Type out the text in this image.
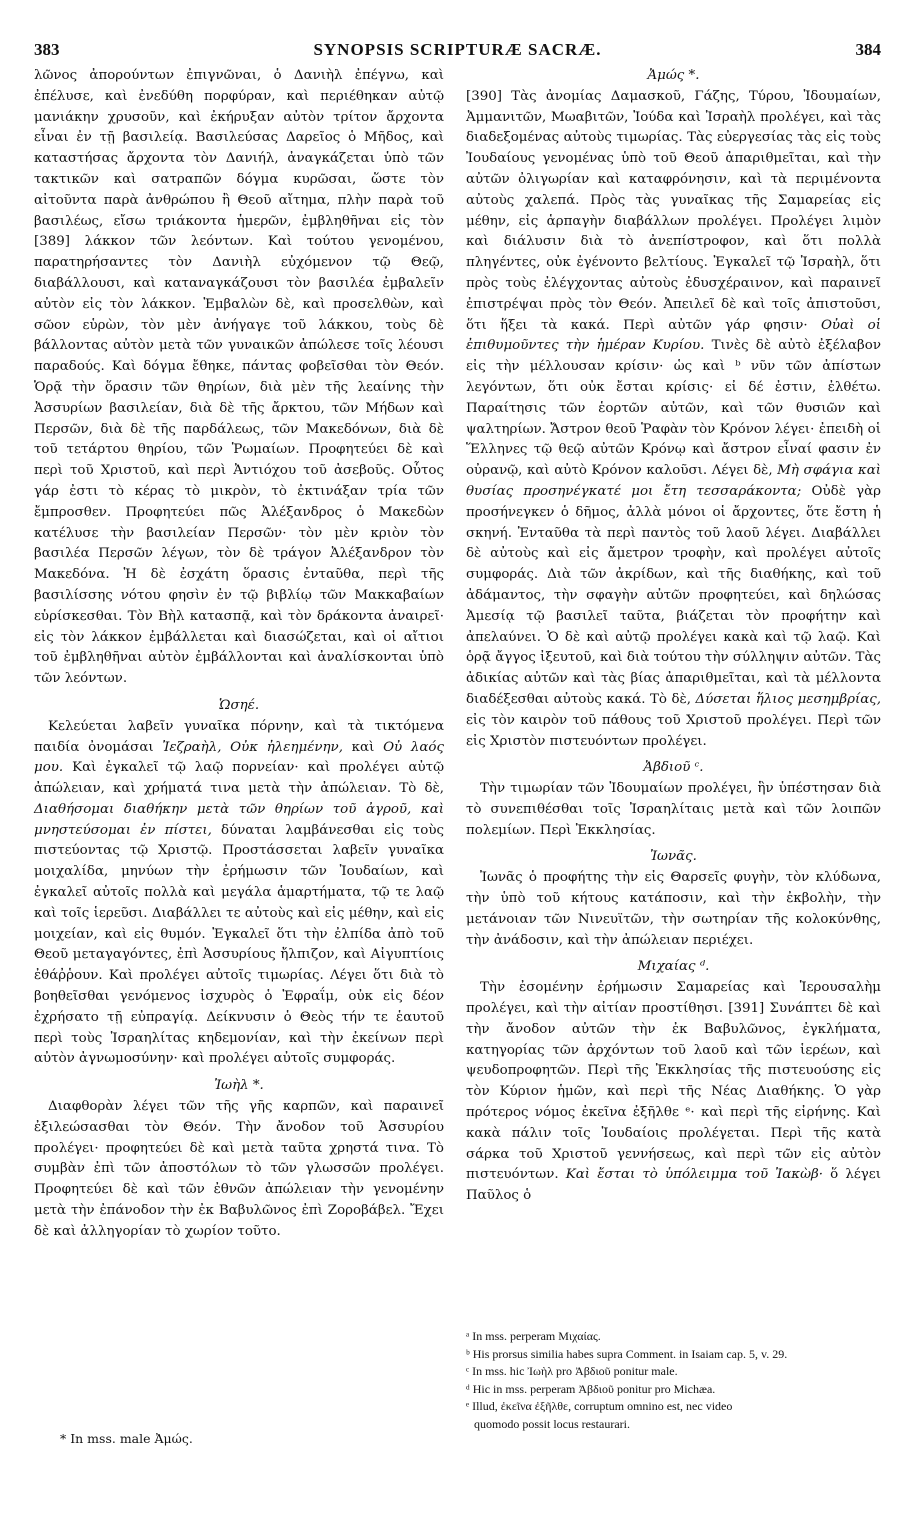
383	SYNOPSIS SCRIPTURÆ SACRÆ.	384

λῶνος ἀπορούντων ἐπιγνῶναι, ὁ Δανιὴλ ἐπέγνω, καὶ ἐπέλυσε, καὶ ἐνεδύθη πορφύραν, καὶ περιέθηκαν αὐτῷ μανιάκην χρυσοῦν, καὶ ἐκήρυξαν αὐτὸν τρίτον ἄρχοντα εἶναι ἐν τῇ βασιλείᾳ. Βασιλεύσας Δαρεῖος ὁ Μῆδος, καὶ καταστήσας ἄρχοντα τὸν Δανιήλ, ἀναγκάζεται ὑπὸ τῶν τακτικῶν καὶ σατραπῶν δόγμα κυρῶσαι, ὥστε τὸν αἰτοῦντα παρὰ ἀνθρώπου ἢ Θεοῦ αἴτημα, πλὴν παρὰ τοῦ βασιλέως, εἴσω τριάκοντα ἡμερῶν, ἐμβληθῆναι εἰς τὸν [389] λάκκον τῶν λεόντων. Καὶ τούτου γενομένου, παρατηρήσαντες τὸν Δανιὴλ εὐχόμενον τῷ Θεῷ, διαβάλλουσι, καὶ καταναγκάζουσι τὸν βασιλέα ἐμβαλεῖν αὐτὸν εἰς τὸν λάκκον. Ἐμβαλὼν δὲ, καὶ προσελθὼν, καὶ σῶον εὑρὼν, τὸν μὲν ἀνήγαγε τοῦ λάκκου, τοὺς δὲ βάλλοντας αὐτὸν μετὰ τῶν γυναικῶν ἀπώλεσε τοῖς λέουσι παραδούς. Καὶ δόγμα ἔθηκε, πάντας φοβεῖσθαι τὸν Θεόν. Ὁρᾷ τὴν ὅρασιν τῶν θηρίων, διὰ μὲν τῆς λεαίνης τὴν Ἀσσυρίων βασιλείαν, διὰ δὲ τῆς ἄρκτου, τῶν Μήδων καὶ Περσῶν, διὰ δὲ τῆς παρδάλεως, τῶν Μακεδόνων, διὰ δὲ τοῦ τετάρτου θηρίου, τῶν Ῥωμαίων. Προφητεύει δὲ καὶ περὶ τοῦ Χριστοῦ, καὶ περὶ Ἀντιόχου τοῦ ἀσεβοῦς. Οὗτος γάρ ἐστι τὸ κέρας τὸ μικρὸν, τὸ ἐκτινάξαν τρία τῶν ἔμπροσθεν. Προφητεύει πῶς Ἀλέξανδρος ὁ Μακεδὼν κατέλυσε τὴν βασιλείαν Περσῶν· τὸν μὲν κριὸν τὸν βασιλέα Περσῶν λέγων, τὸν δὲ τράγον Ἀλέξανδρον τὸν Μακεδόνα. Ἡ δὲ ἐσχάτη ὅρασις ἐνταῦθα, περὶ τῆς βασιλίσσης νότου φησὶν ἐν τῷ βιβλίῳ τῶν Μακκαβαίων εὑρίσκεσθαι. Τὸν Βὴλ κατασπᾷ, καὶ τὸν δράκοντα ἀναιρεῖ· εἰς τὸν λάκκον ἐμβάλλεται καὶ διασώζεται, καὶ οἱ αἴτιοι τοῦ ἐμβληθῆναι αὐτὸν ἐμβάλλονται καὶ ἀναλίσκονται ὑπὸ τῶν λεόντων.

Ὡσηέ.

Κελεύεται λαβεῖν γυναῖκα πόρνην, καὶ τὰ τικτόμενα παιδία ὀνομάσαι Ἰεζραὴλ, Οὐκ ἠλεημένην, καὶ Οὐ λαός μου. Καὶ ἐγκαλεῖ τῷ λαῷ πορνείαν· καὶ προλέγει αὐτῷ ἀπώλειαν, καὶ χρήματά τινα μετὰ τὴν ἀπώλειαν. Τὸ δὲ, Διαθήσομαι διαθήκην μετὰ τῶν θηρίων τοῦ ἀγροῦ, καὶ μνηστεύσομαι ἐν πίστει, δύναται λαμβάνεσθαι εἰς τοὺς πιστεύοντας τῷ Χριστῷ. Προστάσσεται λαβεῖν γυναῖκα μοιχαλίδα, μηνύων τὴν ἐρήμωσιν τῶν Ἰουδαίων, καὶ ἐγκαλεῖ αὐτοῖς πολλὰ καὶ μεγάλα ἁμαρτήματα, τῷ τε λαῷ καὶ τοῖς ἱερεῦσι. Διαβάλλει τε αὐτοὺς καὶ εἰς μέθην, καὶ εἰς μοιχείαν, καὶ εἰς θυμόν. Ἐγκαλεῖ ὅτι τὴν ἐλπίδα ἀπὸ τοῦ Θεοῦ μεταγαγόντες, ἐπὶ Ἀσσυρίους ἤλπιζον, καὶ Αἰγυπτίοις ἐθάῤῥουν. Καὶ προλέγει αὐτοῖς τιμωρίας. Λέγει ὅτι διὰ τὸ βοηθεῖσθαι γενόμενος ἰσχυρὸς ὁ Ἐφραΐμ, οὐκ εἰς δέον ἐχρήσατο τῇ εὐπραγίᾳ. Δείκνυσιν ὁ Θεὸς τήν τε ἑαυτοῦ περὶ τοὺς Ἰσραηλίτας κηδεμονίαν, καὶ τὴν ἐκείνων περὶ αὐτὸν ἀγνωμοσύνην· καὶ προλέγει αὐτοῖς συμφοράς.

Ἰωὴλ *.

Διαφθορὰν λέγει τῶν τῆς γῆς καρπῶν, καὶ παραινεῖ ἐξιλεώσασθαι τὸν Θεόν. Τὴν ἄνοδον τοῦ Ἀσσυρίου προλέγει· προφητεύει δὲ καὶ μετὰ ταῦτα χρηστά τινα. Τὸ συμβὰν ἐπὶ τῶν ἀποστόλων τὸ τῶν γλωσσῶν προλέγει. Προφητεύει δὲ καὶ τῶν ἐθνῶν ἀπώλειαν τὴν γενομένην μετὰ τὴν ἐπάνοδον τὴν ἐκ Βαβυλῶνος ἐπὶ Ζοροβάβελ. Ἔχει δὲ καὶ ἀλληγορίαν τὸ χωρίον τοῦτο.

* In mss. male Ἀμώς.
Ἀμώς *.

[390] Τὰς ἀνομίας Δαμασκοῦ, Γάζης, Τύρου, Ἰδουμαίων, Ἀμμανιτῶν, Μωαβιτῶν, Ἰούδα καὶ Ἰσραὴλ προλέγει, καὶ τὰς διαδεξομένας αὐτοὺς τιμωρίας. Τὰς εὐεργεσίας τὰς εἰς τοὺς Ἰουδαίους γενομένας ὑπὸ τοῦ Θεοῦ ἀπαριθμεῖται, καὶ τὴν αὐτῶν ὀλιγωρίαν καὶ καταφρόνησιν, καὶ τὰ περιμένοντα αὐτοὺς χαλεπά. Πρὸς τὰς γυναῖκας τῆς Σαμαρείας εἰς μέθην, εἰς ἁρπαγὴν διαβάλλων προλέγει. Προλέγει λιμὸν καὶ διάλυσιν διὰ τὸ ἀνεπίστροφον, καὶ ὅτι πολλὰ πληγέντες, οὐκ ἐγένοντο βελτίους. Ἐγκαλεῖ τῷ Ἰσραὴλ, ὅτι πρὸς τοὺς ἐλέγχοντας αὐτοὺς ἐδυσχέραινον, καὶ παραινεῖ ἐπιστρέψαι πρὸς τὸν Θεόν. Ἀπειλεῖ δὲ καὶ τοῖς ἀπιστοῦσι, ὅτι ἥξει τὰ κακά. Περὶ αὐτῶν γάρ φησιν· Οὐαὶ οἱ ἐπιθυμοῦντες τὴν ἡμέραν Κυρίου. Τινὲς δὲ αὐτὸ ἐξέλαβον εἰς τὴν μέλλουσαν κρίσιν· ὡς καὶ ᵇ νῦν τῶν ἀπίστων λεγόντων, ὅτι οὐκ ἔσται κρίσις· εἰ δέ ἐστιν, ἐλθέτω. Παραίτησις τῶν ἑορτῶν αὐτῶν, καὶ τῶν θυσιῶν καὶ ψαλτηρίων. Ἄστρον θεοῦ Ῥαφὰν τὸν Κρόνον λέγει· ἐπειδὴ οἱ Ἕλληνες τῷ θεῷ αὐτῶν Κρόνῳ καὶ ἄστρον εἶναί φασιν ἐν οὐρανῷ, καὶ αὐτὸ Κρόνον καλοῦσι. Λέγει δὲ, Μὴ σφάγια καὶ θυσίας προσηνέγκατέ μοι ἔτη τεσσαράκοντα; Οὐδὲ γὰρ προσήνεγκεν ὁ δῆμος, ἀλλὰ μόνοι οἱ ἄρχοντες, ὅτε ἔστη ἡ σκηνή. Ἐνταῦθα τὰ περὶ παντὸς τοῦ λαοῦ λέγει. Διαβάλλει δὲ αὐτοὺς καὶ εἰς ἄμετρον τροφὴν, καὶ προλέγει αὐτοῖς συμφοράς. Διὰ τῶν ἀκρίδων, καὶ τῆς διαθήκης, καὶ τοῦ ἀδάμαντος, τὴν σφαγὴν αὐτῶν προφητεύει, καὶ δηλώσας Ἀμεσίᾳ τῷ βασιλεῖ ταῦτα, βιάζεται τὸν προφήτην καὶ ἀπελαύνει. Ὁ δὲ καὶ αὐτῷ προλέγει κακὰ καὶ τῷ λαῷ. Καὶ ὁρᾷ ἄγγος ἰξευτοῦ, καὶ διὰ τούτου τὴν σύλληψιν αὐτῶν. Τὰς ἀδικίας αὐτῶν καὶ τὰς βίας ἀπαριθμεῖται, καὶ τὰ μέλλοντα διαδέξεσθαι αὐτοὺς κακά. Τὸ δὲ, Δύσεται ἥλιος μεσημβρίας, εἰς τὸν καιρὸν τοῦ πάθους τοῦ Χριστοῦ προλέγει. Περὶ τῶν εἰς Χριστὸν πιστευόντων προλέγει.

Ἀβδιοῦ ᶜ.

Τὴν τιμωρίαν τῶν Ἰδουμαίων προλέγει, ἣν ὑπέστησαν διὰ τὸ συνεπιθέσθαι τοῖς Ἰσραηλίταις μετὰ καὶ τῶν λοιπῶν πολεμίων. Περὶ Ἐκκλησίας.

Ἰωνᾶς.

Ἰωνᾶς ὁ προφήτης τὴν εἰς Θαρσεῖς φυγὴν, τὸν κλύδωνα, τὴν ὑπὸ τοῦ κήτους κατάποσιν, καὶ τὴν ἐκβολὴν, τὴν μετάνοιαν τῶν Νινευϊτῶν, τὴν σωτηρίαν τῆς κολοκύνθης, τὴν ἀνάδοσιν, καὶ τὴν ἀπώλειαν περιέχει.

Μιχαίας ᵈ.

Τὴν ἐσομένην ἐρήμωσιν Σαμαρείας καὶ Ἱερουσαλὴμ προλέγει, καὶ τὴν αἰτίαν προστίθησι. [391] Συνάπτει δὲ καὶ τὴν ἄνοδον αὐτῶν τὴν ἐκ Βαβυλῶνος, ἐγκλήματα, κατηγορίας τῶν ἀρχόντων τοῦ λαοῦ καὶ τῶν ἱερέων, καὶ ψευδοπροφητῶν. Περὶ τῆς Ἐκκλησίας τῆς πιστευούσης εἰς τὸν Κύριον ἡμῶν, καὶ περὶ τῆς Νέας Διαθήκης. Ὁ γὰρ πρότερος νόμος ἐκεῖνα ἐξῆλθε ᵉ· καὶ περὶ τῆς εἰρήνης. Καὶ κακὰ πάλιν τοῖς Ἰουδαίοις προλέγεται. Περὶ τῆς κατὰ σάρκα τοῦ Χριστοῦ γεννήσεως, καὶ περὶ τῶν εἰς αὐτὸν πιστευόντων. Καὶ ἔσται τὸ ὑπόλειμμα τοῦ Ἰακὼβ· ὅ λέγει Παῦλος ὁ

ᵃ In mss. perperam Μιχαίας.

ᵇ His prorsus similia habes supra Comment. in Isaiam cap. 5, v. 29.

ᶜ In mss. hic Ἰωὴλ pro Ἀβδιοῦ ponitur male.

ᵈ Hic in mss. perperam Ἀβδιοῦ ponitur pro Michæa.

ᵉ Illud, ἐκεῖνα ἐξῆλθε, corruptum omnino est, nec video

quomodo possit locus restaurari.
